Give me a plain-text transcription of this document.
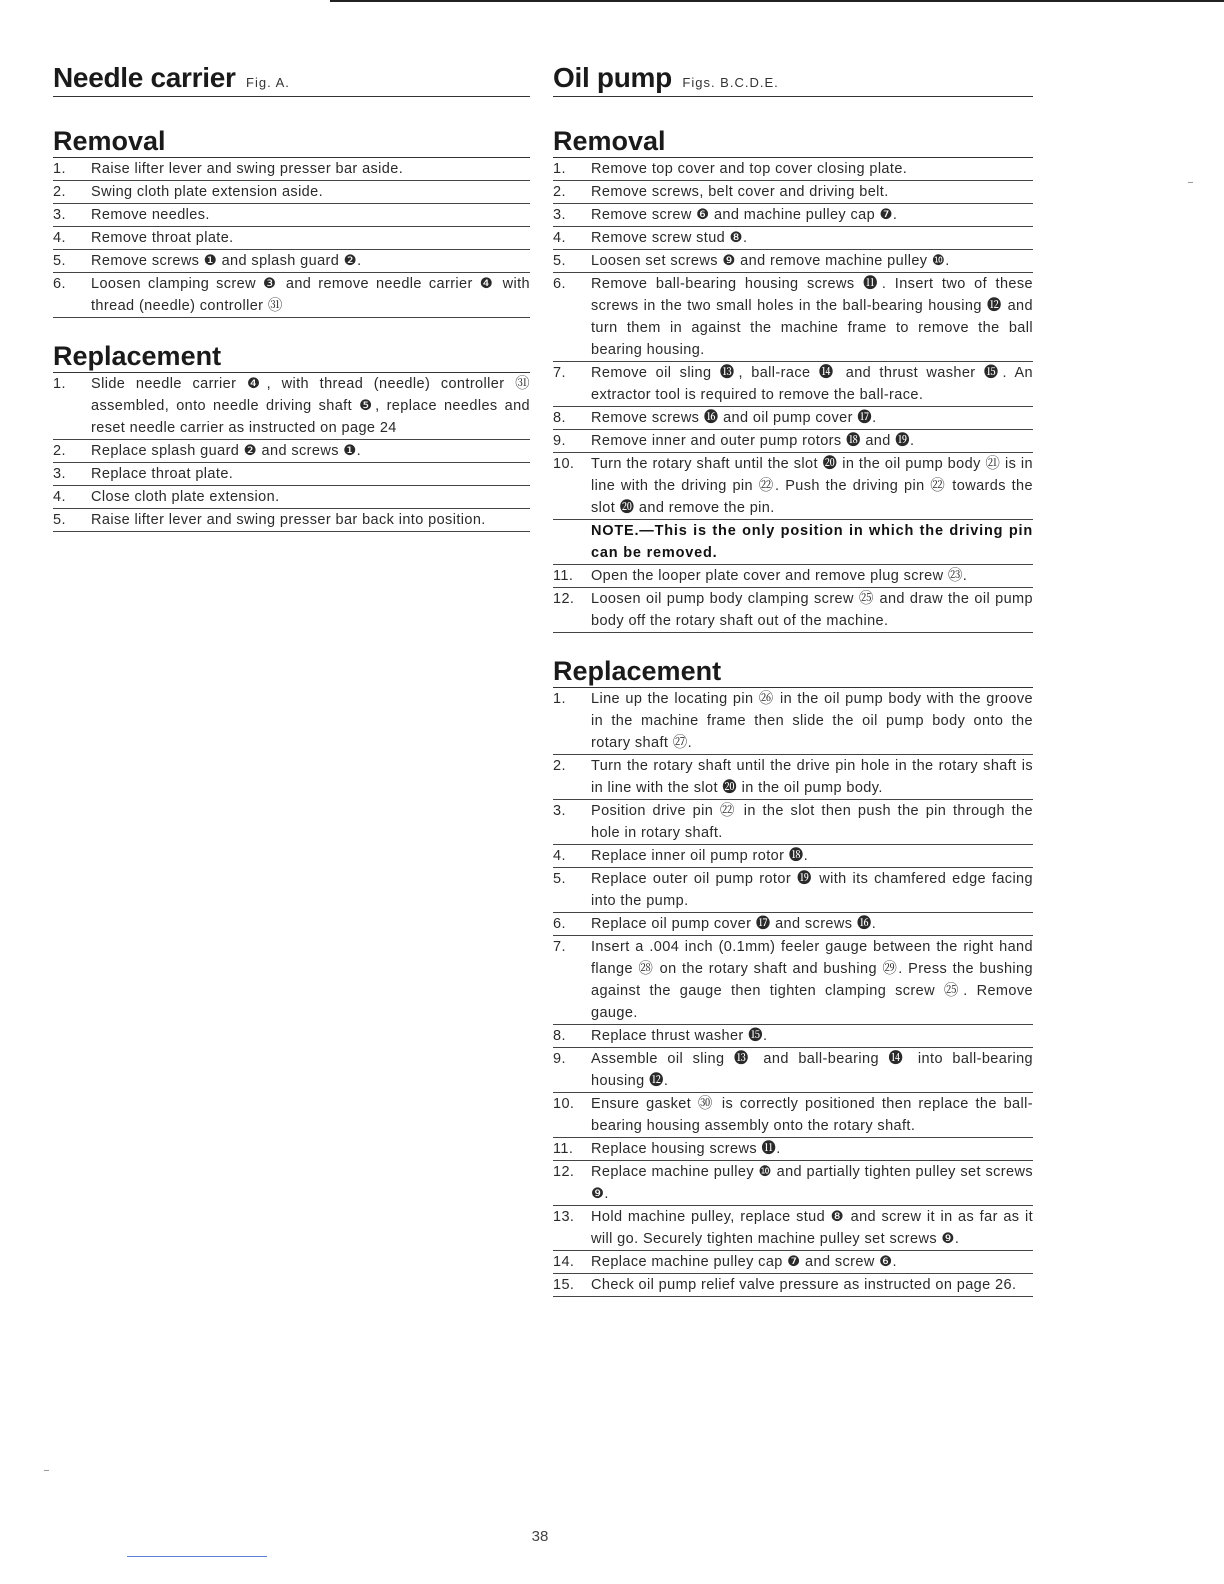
Needle carrier Fig. A.
Removal
1.	Raise lifter lever and swing presser bar aside.
2.	Swing cloth plate extension aside.
3.	Remove needles.
4.	Remove throat plate.
5.	Remove screws ❶ and splash guard ❷.
6.	Loosen clamping screw ❸ and remove needle carrier ❹ with thread (needle) controller ㉛
Replacement
1.	Slide needle carrier ❹, with thread (needle) controller ㉛ assembled, onto needle driving shaft ❺, replace needles and reset needle carrier as instructed on page 24
2.	Replace splash guard ❷ and screws ❶.
3.	Replace throat plate.
4.	Close cloth plate extension.
5.	Raise lifter lever and swing presser bar back into position.
Oil pump Figs. B.C.D.E.
Removal
1.	Remove top cover and top cover closing plate.
2.	Remove screws, belt cover and driving belt.
3.	Remove screw ❻ and machine pulley cap ❼.
4.	Remove screw stud ❽.
5.	Loosen set screws ❾ and remove machine pulley ❿.
6.	Remove ball-bearing housing screws ⓫. Insert two of these screws in the two small holes in the ball-bearing housing ⓬ and turn them in against the machine frame to remove the ball bearing housing.
7.	Remove oil sling ⓭, ball-race ⓮ and thrust washer ⓯. An extractor tool is required to remove the ball-race.
8.	Remove screws ⓰ and oil pump cover ⓱.
9.	Remove inner and outer pump rotors ⓲ and ⓳.
10.	Turn the rotary shaft until the slot ⓴ in the oil pump body ㉑ is in line with the driving pin ㉒. Push the driving pin ㉒ towards the slot ⓴ and remove the pin.
NOTE.—This is the only position in which the driving pin can be removed.
11.	Open the looper plate cover and remove plug screw ㉓.
12.	Loosen oil pump body clamping screw ㉕ and draw the oil pump body off the rotary shaft out of the machine.
Replacement
1.	Line up the locating pin ㉖ in the oil pump body with the groove in the machine frame then slide the oil pump body onto the rotary shaft ㉗.
2.	Turn the rotary shaft until the drive pin hole in the rotary shaft is in line with the slot ⓴ in the oil pump body.
3.	Position drive pin ㉒ in the slot then push the pin through the hole in rotary shaft.
4.	Replace inner oil pump rotor ⓲.
5.	Replace outer oil pump rotor ⓳ with its chamfered edge facing into the pump.
6.	Replace oil pump cover ⓱ and screws ⓰.
7.	Insert a .004 inch (0.1mm) feeler gauge between the right hand flange ㉘ on the rotary shaft and bushing ㉙. Press the bushing against the gauge then tighten clamping screw ㉕. Remove gauge.
8.	Replace thrust washer ⓯.
9.	Assemble oil sling ⓭ and ball-bearing ⓮ into ball-bearing housing ⓬.
10.	Ensure gasket ㉚ is correctly positioned then replace the ball-bearing housing assembly onto the rotary shaft.
11.	Replace housing screws ⓫.
12.	Replace machine pulley ❿ and partially tighten pulley set screws ❾.
13.	Hold machine pulley, replace stud ❽ and screw it in as far as it will go. Securely tighten machine pulley set screws ❾.
14.	Replace machine pulley cap ❼ and screw ❻.
15.	Check oil pump relief valve pressure as instructed on page 26.
38
